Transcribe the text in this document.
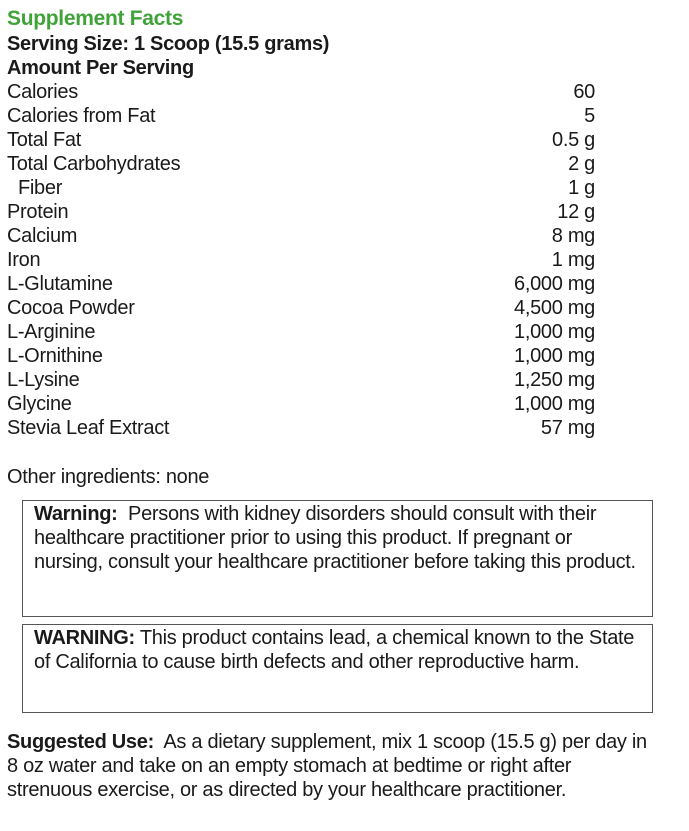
Supplement Facts
Serving Size: 1 Scoop (15.5 grams)
Amount Per Serving
Calories	60
Calories from Fat	5
Total Fat	0.5 g
Total Carbohydrates	2 g
Fiber	1 g
Protein	12 g
Calcium	8 mg
Iron	1 mg
L-Glutamine	6,000 mg
Cocoa Powder	4,500 mg
L-Arginine	1,000 mg
L-Ornithine	1,000 mg
L-Lysine	1,250 mg
Glycine	1,000 mg
Stevia Leaf Extract	57 mg
Other ingredients: none
Warning: Persons with kidney disorders should consult with their healthcare practitioner prior to using this product. If pregnant or nursing, consult your healthcare practitioner before taking this product.
WARNING: This product contains lead, a chemical known to the State of California to cause birth defects and other reproductive harm.
Suggested Use: As a dietary supplement, mix 1 scoop (15.5 g) per day in 8 oz water and take on an empty stomach at bedtime or right after strenuous exercise, or as directed by your healthcare practitioner.
